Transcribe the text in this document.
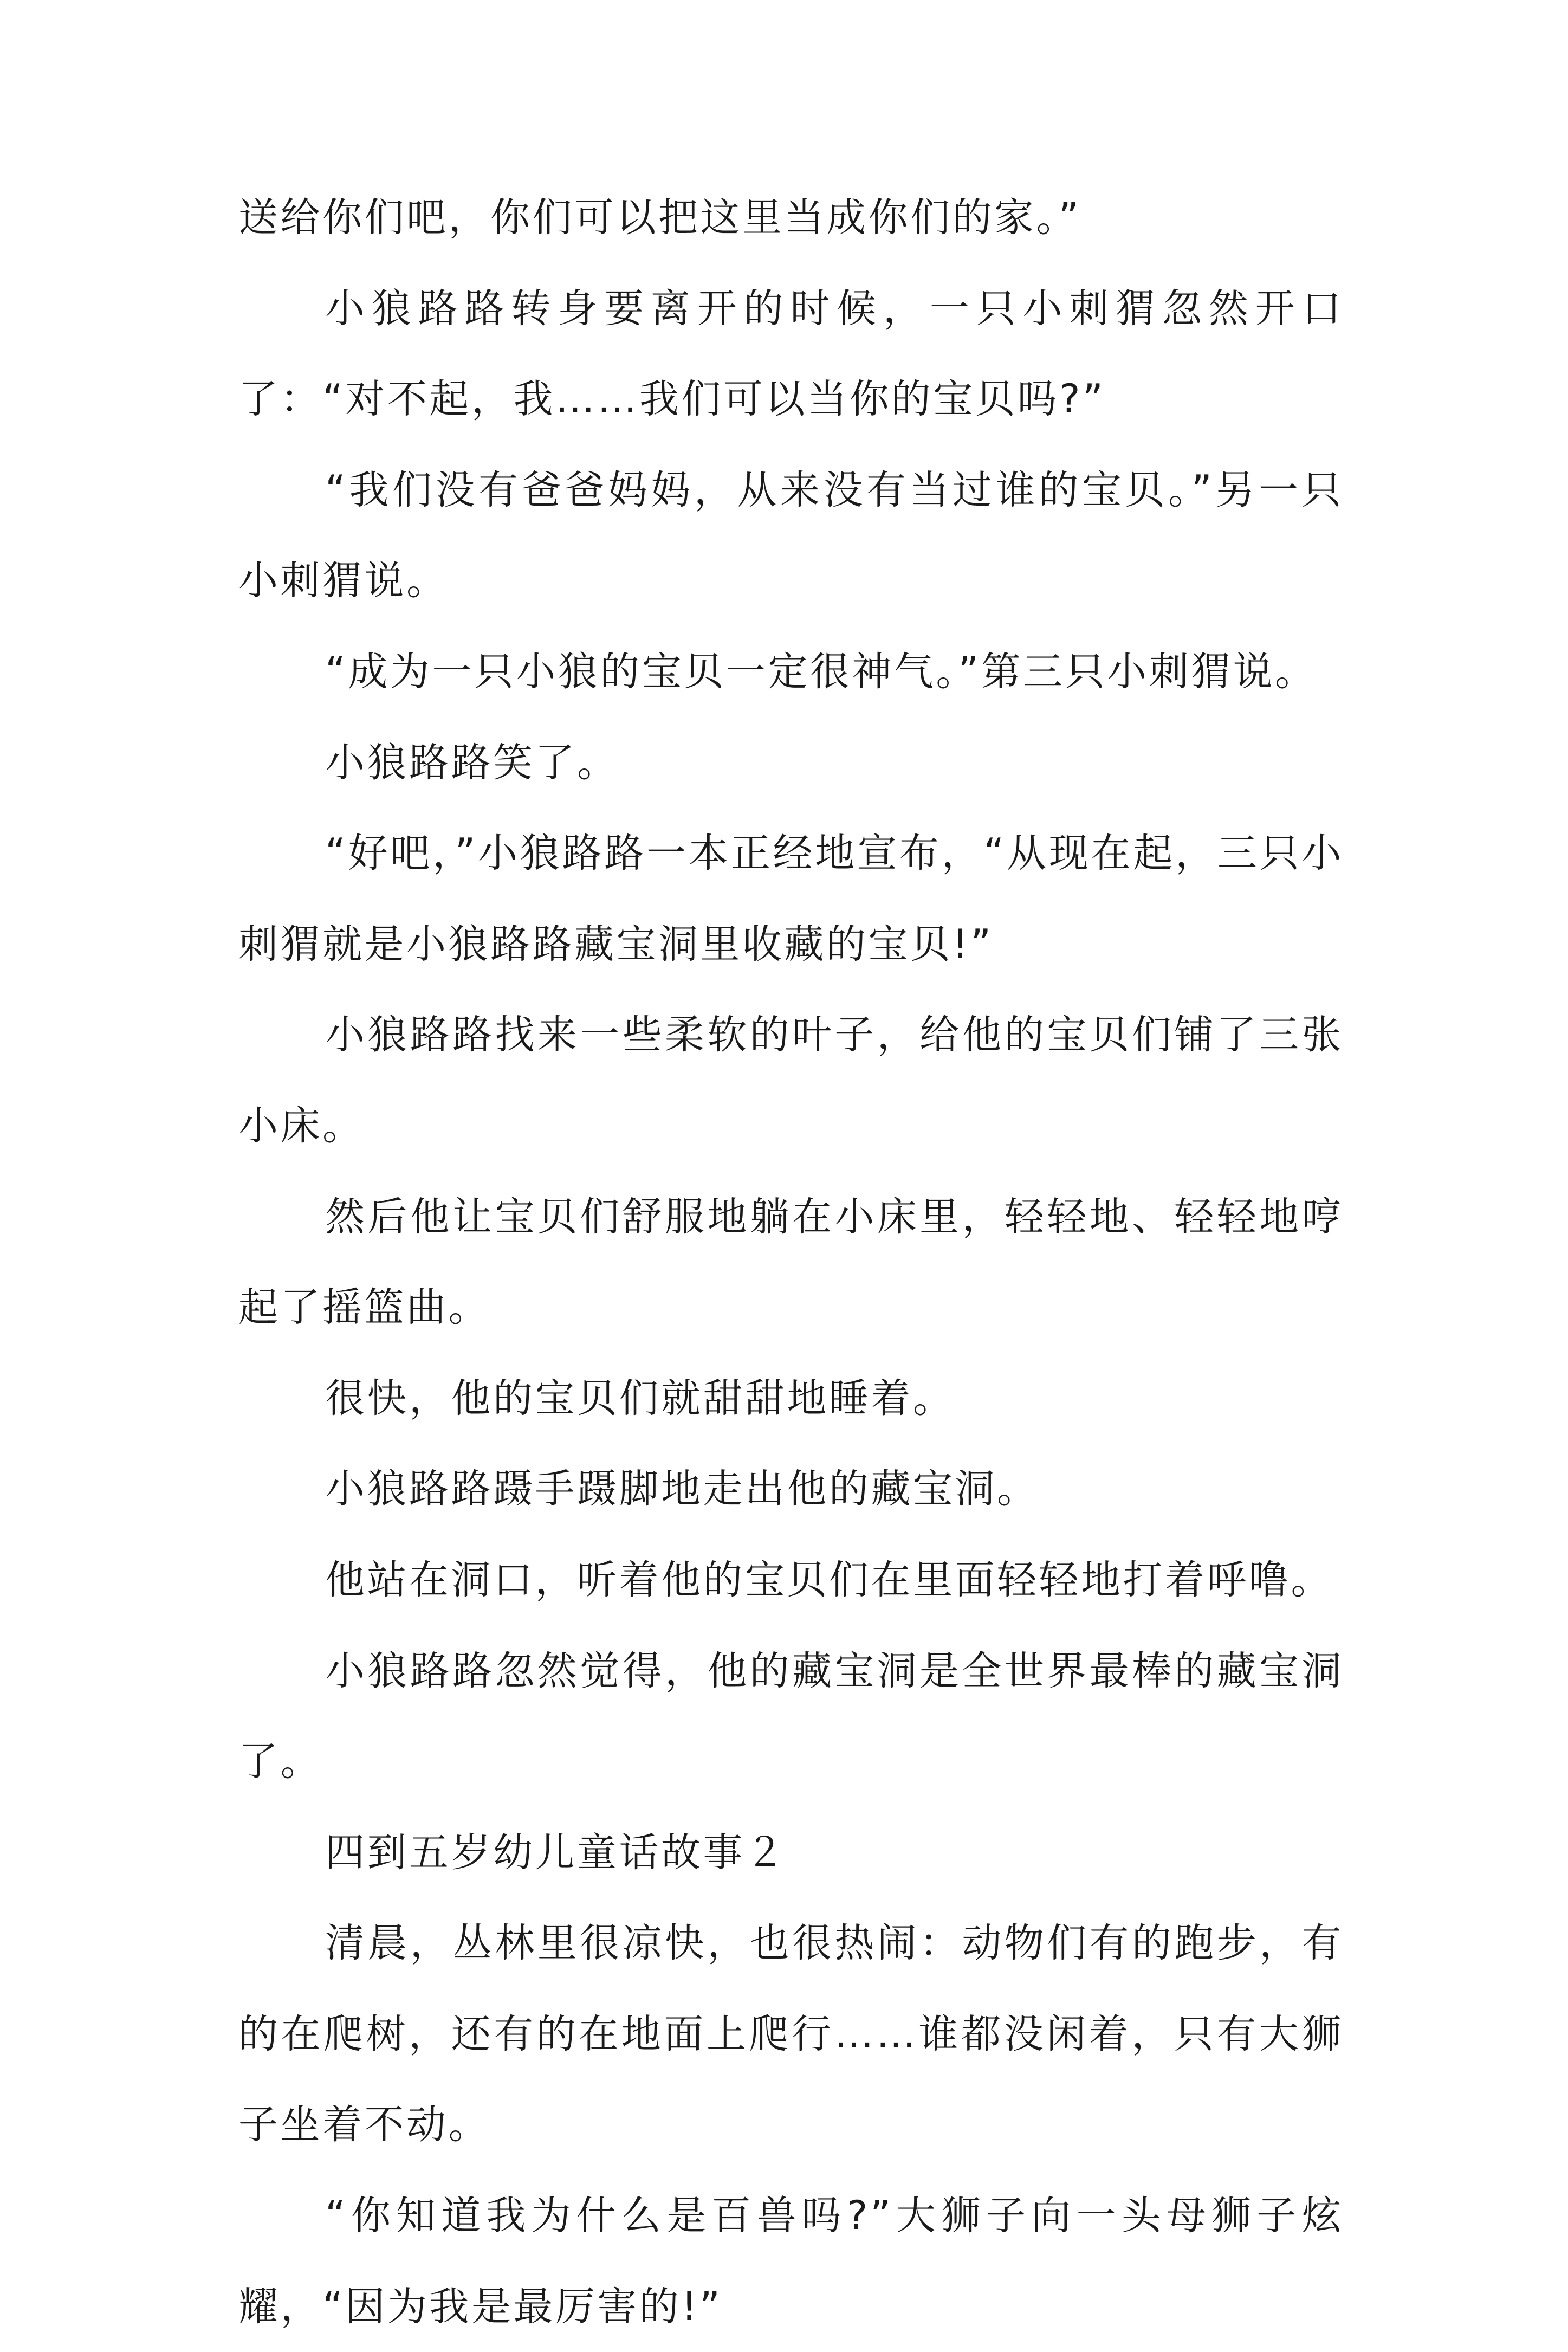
送给你们吧，你们可以把这里当成你们的家。”

小狼路路转身要离开的时候，一只小刺猬忽然开口了：“对不起，我……我们可以当你的宝贝吗?”

“我们没有爸爸妈妈，从来没有当过谁的宝贝。”另一只小刺猬说。

“成为一只小狼的宝贝一定很神气。”第三只小刺猬说。

小狼路路笑了。

“好吧，”小狼路路一本正经地宣布，“从现在起，三只小刺猬就是小狼路路藏宝洞里收藏的宝贝!”

小狼路路找来一些柔软的叶子，给他的宝贝们铺了三张小床。

然后他让宝贝们舒服地躺在小床里，轻轻地、轻轻地哼起了摇篮曲。

很快，他的宝贝们就甜甜地睡着。

小狼路路蹑手蹑脚地走出他的藏宝洞。

他站在洞口，听着他的宝贝们在里面轻轻地打着呼噜。

小狼路路忽然觉得，他的藏宝洞是全世界最棒的藏宝洞了。

四到五岁幼儿童话故事２

清晨，丛林里很凉快，也很热闹：动物们有的跑步，有的在爬树，还有的在地面上爬行……谁都没闲着，只有大狮子坐着不动。

“你知道我为什么是百兽吗?”大狮子向一头母狮子炫耀，“因为我是最厉害的!”
